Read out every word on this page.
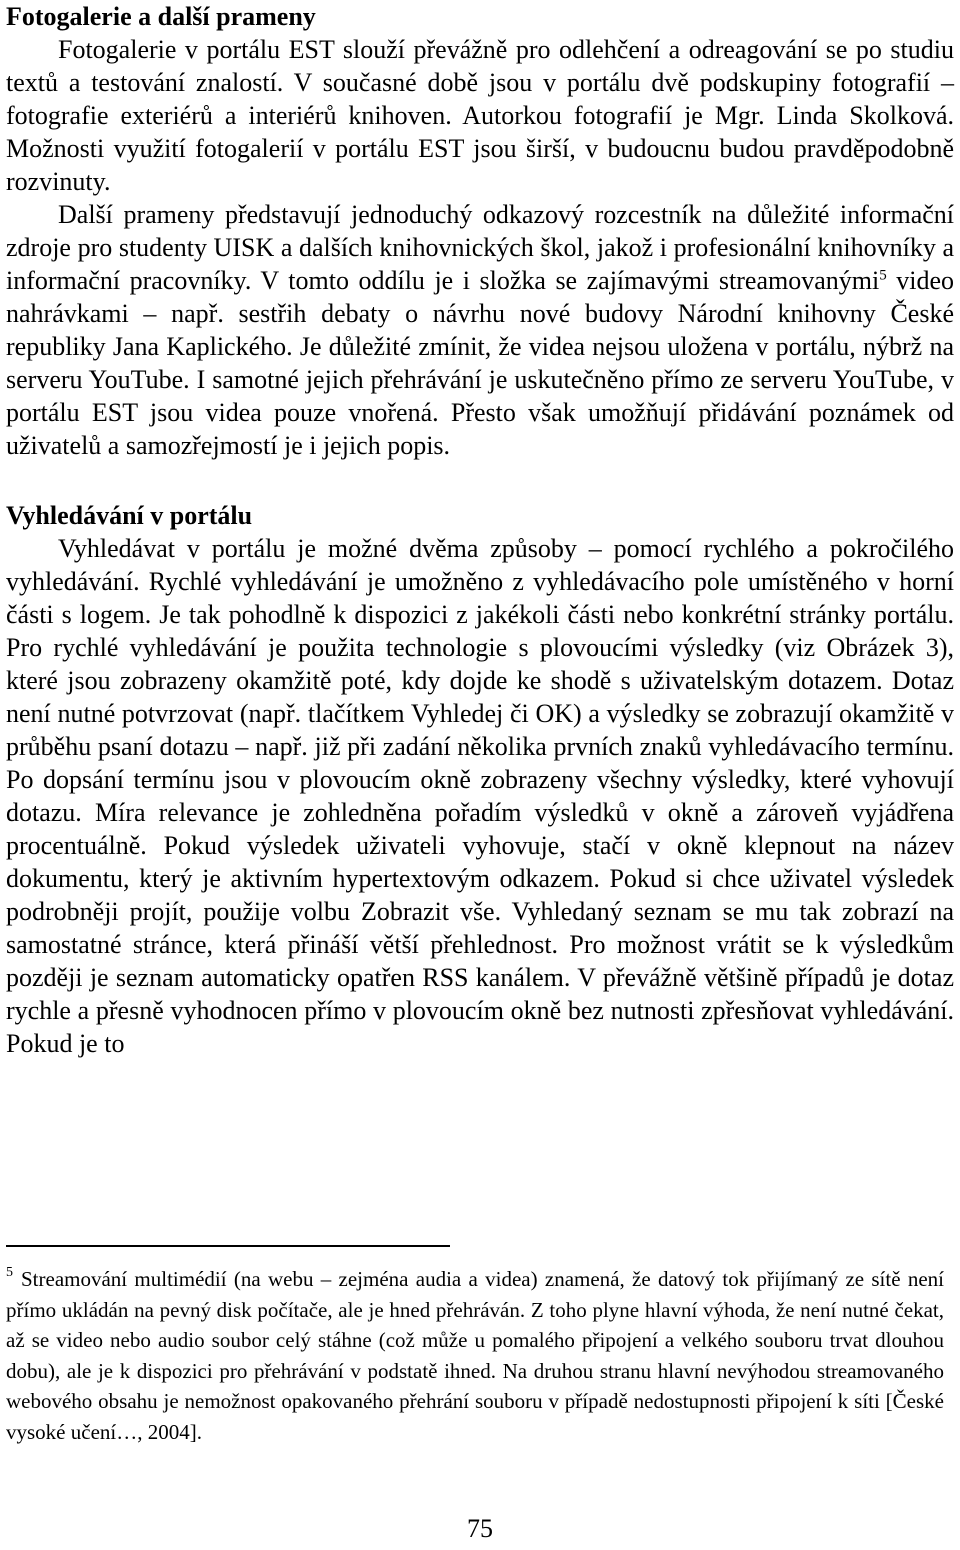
Fotogalerie a další prameny

Fotogalerie v portálu EST slouží převážně pro odlehčení a odreagování se po studiu textů a testování znalostí. V současné době jsou v portálu dvě podskupiny fotografií – fotografie exteriérů a interiérů knihoven. Autorkou fotografií je Mgr. Linda Skolková. Možnosti využití fotogalerií v portálu EST jsou širší, v budoucnu budou pravděpodobně rozvinuty.

Další prameny představují jednoduchý odkazový rozcestník na důležité informační zdroje pro studenty UISK a dalších knihovnických škol, jakož i profesionální knihovníky a informační pracovníky. V tomto oddílu je i složka se zajímavými streamovanými$^5$ video nahrávkami – např. sestřih debaty o návrhu nové budovy Národní knihovny České republiky Jana Kaplického. Je důležité zmínit, že videa nejsou uložena v portálu, nýbrž na serveru YouTube. I samotné jejich přehrávání je uskutečněno přímo ze serveru YouTube, v portálu EST jsou videa pouze vnořená. Přesto však umožňují přidávání poznámek od uživatelů a samozřejmostí je i jejich popis.

Vyhledávání v portálu

Vyhledávat v portálu je možné dvěma způsoby – pomocí rychlého a pokročilého vyhledávání. Rychlé vyhledávání je umožněno z vyhledávacího pole umístěného v horní části s logem. Je tak pohodlně k dispozici z jakékoli části nebo konkrétní stránky portálu. Pro rychlé vyhledávání je použita technologie s plovoucími výsledky (viz Obrázek 3), které jsou zobrazeny okamžitě poté, kdy dojde ke shodě s uživatelským dotazem. Dotaz není nutné potvrzovat (např. tlačítkem Vyhledej či OK) a výsledky se zobrazují okamžitě v průběhu psaní dotazu – např. již při zadání několika prvních znaků vyhledávacího termínu. Po dopsání termínu jsou v plovoucím okně zobrazeny všechny výsledky, které vyhovují dotazu. Míra relevance je zohledněna pořadím výsledků v okně a zároveň vyjádřena procentuálně. Pokud výsledek uživateli vyhovuje, stačí v okně klepnout na název dokumentu, který je aktivním hypertextovým odkazem. Pokud si chce uživatel výsledek podrobněji projít, použije volbu Zobrazit vše. Vyhledaný seznam se mu tak zobrazí na samostatné stránce, která přináší větší přehlednost. Pro možnost vrátit se k výsledkům později je seznam automaticky opatřen RSS kanálem. V převážně většině případů je dotaz rychle a přesně vyhodnocen přímo v plovoucím okně bez nutnosti zpřesňovat vyhledávání. Pokud je to

$^5$ Streamování multimédií (na webu – zejména audia a videa) znamená, že datový tok přijímaný ze sítě není přímo ukládán na pevný disk počítače, ale je hned přehráván. Z toho plyne hlavní výhoda, že není nutné čekat, až se video nebo audio soubor celý stáhne (což může u pomalého připojení a velkého souboru trvat dlouhou dobu), ale je k dispozici pro přehrávání v podstatě ihned. Na druhou stranu hlavní nevýhodou streamovaného webového obsahu je nemožnost opakovaného přehrání souboru v případě nedostupnosti připojení k síti [České vysoké učení…, 2004].
75
